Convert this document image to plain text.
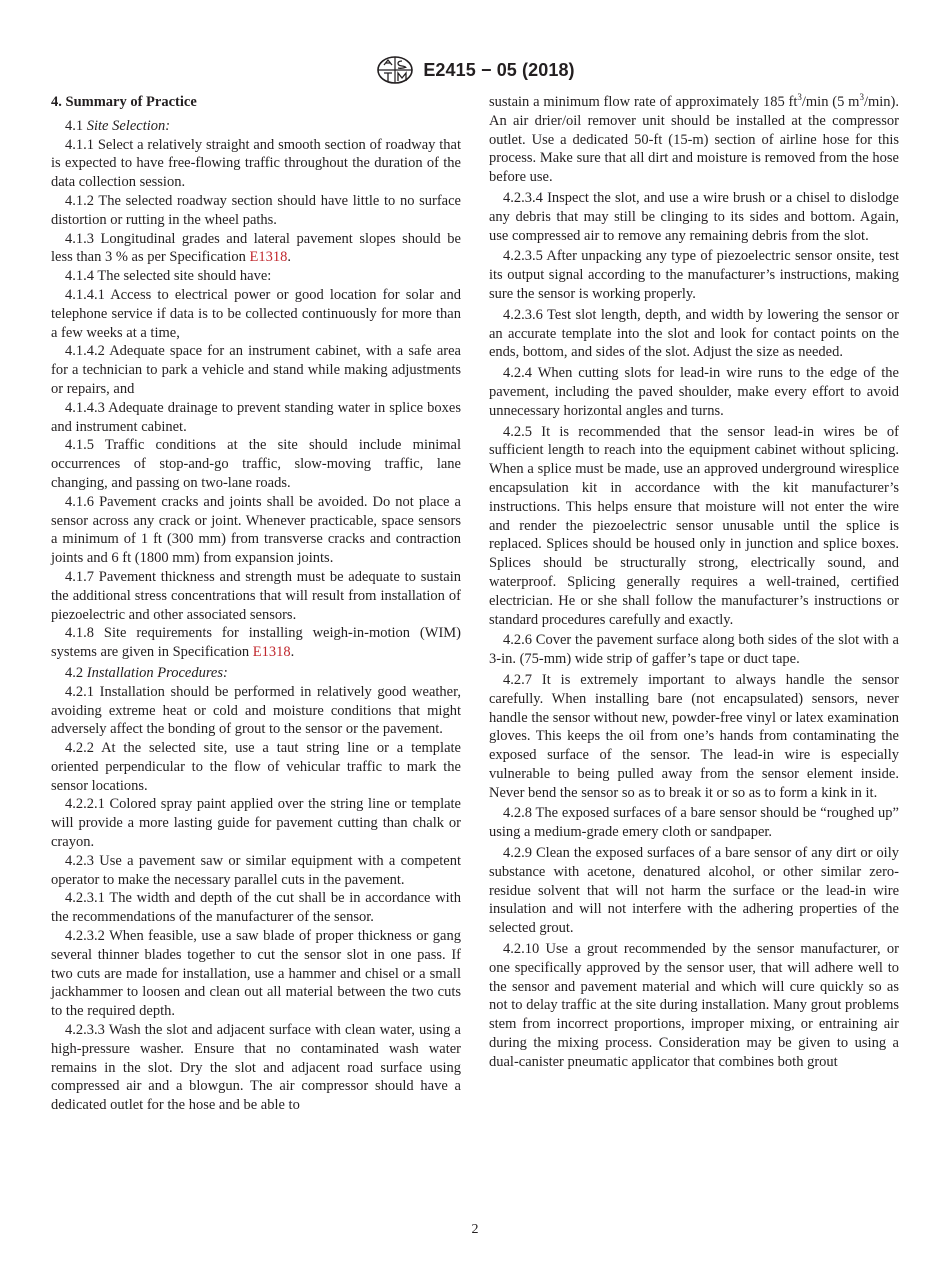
E2415 − 05 (2018)

4. Summary of Practice

4.1 Site Selection:

4.1.1 Select a relatively straight and smooth section of roadway that is expected to have free-flowing traffic throughout the duration of the data collection session.

4.1.2 The selected roadway section should have little to no surface distortion or rutting in the wheel paths.

4.1.3 Longitudinal grades and lateral pavement slopes should be less than 3 % as per Specification E1318.

4.1.4 The selected site should have:

4.1.4.1 Access to electrical power or good location for solar and telephone service if data is to be collected continuously for more than a few weeks at a time,

4.1.4.2 Adequate space for an instrument cabinet, with a safe area for a technician to park a vehicle and stand while making adjustments or repairs, and

4.1.4.3 Adequate drainage to prevent standing water in splice boxes and instrument cabinet.

4.1.5 Traffic conditions at the site should include minimal occurrences of stop-and-go traffic, slow-moving traffic, lane changing, and passing on two-lane roads.

4.1.6 Pavement cracks and joints shall be avoided. Do not place a sensor across any crack or joint. Whenever practicable, space sensors a minimum of 1 ft (300 mm) from transverse cracks and contraction joints and 6 ft (1800 mm) from expansion joints.

4.1.7 Pavement thickness and strength must be adequate to sustain the additional stress concentrations that will result from installation of piezoelectric and other associated sensors.

4.1.8 Site requirements for installing weigh-in-motion (WIM) systems are given in Specification E1318.

4.2 Installation Procedures:

4.2.1 Installation should be performed in relatively good weather, avoiding extreme heat or cold and moisture conditions that might adversely affect the bonding of grout to the sensor or the pavement.

4.2.2 At the selected site, use a taut string line or a template oriented perpendicular to the flow of vehicular traffic to mark the sensor locations.

4.2.2.1 Colored spray paint applied over the string line or template will provide a more lasting guide for pavement cutting than chalk or crayon.

4.2.3 Use a pavement saw or similar equipment with a competent operator to make the necessary parallel cuts in the pavement.

4.2.3.1 The width and depth of the cut shall be in accordance with the recommendations of the manufacturer of the sensor.

4.2.3.2 When feasible, use a saw blade of proper thickness or gang several thinner blades together to cut the sensor slot in one pass. If two cuts are made for installation, use a hammer and chisel or a small jackhammer to loosen and clean out all material between the two cuts to the required depth.

4.2.3.3 Wash the slot and adjacent surface with clean water, using a high-pressure washer. Ensure that no contaminated wash water remains in the slot. Dry the slot and adjacent road surface using compressed air and a blowgun. The air compressor should have a dedicated outlet for the hose and be able to

sustain a minimum flow rate of approximately 185 $ft^3/\min$ (5 $m^3/\min$). An air drier/oil remover unit should be installed at the compressor outlet. Use a dedicated 50-ft (15-m) section of airline hose for this process. Make sure that all dirt and moisture is removed from the hose before use.

4.2.3.4 Inspect the slot, and use a wire brush or a chisel to dislodge any debris that may still be clinging to its sides and bottom. Again, use compressed air to remove any remaining debris from the slot.

4.2.3.5 After unpacking any type of piezoelectric sensor onsite, test its output signal according to the manufacturer’s instructions, making sure the sensor is working properly.

4.2.3.6 Test slot length, depth, and width by lowering the sensor or an accurate template into the slot and look for contact points on the ends, bottom, and sides of the slot. Adjust the size as needed.

4.2.4 When cutting slots for lead-in wire runs to the edge of the pavement, including the paved shoulder, make every effort to avoid unnecessary horizontal angles and turns.

4.2.5 It is recommended that the sensor lead-in wires be of sufficient length to reach into the equipment cabinet without splicing. When a splice must be made, use an approved underground wiresplice encapsulation kit in accordance with the kit manufacturer’s instructions. This helps ensure that moisture will not enter the wire and render the piezoelectric sensor unusable until the splice is replaced. Splices should be housed only in junction and splice boxes. Splices should be structurally strong, electrically sound, and waterproof. Splicing generally requires a well-trained, certified electrician. He or she shall follow the manufacturer’s instructions or standard procedures carefully and exactly.

4.2.6 Cover the pavement surface along both sides of the slot with a 3-in. (75-mm) wide strip of gaffer’s tape or duct tape.

4.2.7 It is extremely important to always handle the sensor carefully. When installing bare (not encapsulated) sensors, never handle the sensor without new, powder-free vinyl or latex examination gloves. This keeps the oil from one’s hands from contaminating the exposed surface of the sensor. The lead-in wire is especially vulnerable to being pulled away from the sensor element inside. Never bend the sensor so as to break it or so as to form a kink in it.

4.2.8 The exposed surfaces of a bare sensor should be “roughed up” using a medium-grade emery cloth or sandpaper.

4.2.9 Clean the exposed surfaces of a bare sensor of any dirt or oily substance with acetone, denatured alcohol, or other similar zero-residue solvent that will not harm the surface or the lead-in wire insulation and will not interfere with the adhering properties of the selected grout.

4.2.10 Use a grout recommended by the sensor manufacturer, or one specifically approved by the sensor user, that will adhere well to the sensor and pavement material and which will cure quickly so as not to delay traffic at the site during installation. Many grout problems stem from incorrect proportions, improper mixing, or entraining air during the mixing process. Consideration may be given to using a dual-canister pneumatic applicator that combines both grout

2
